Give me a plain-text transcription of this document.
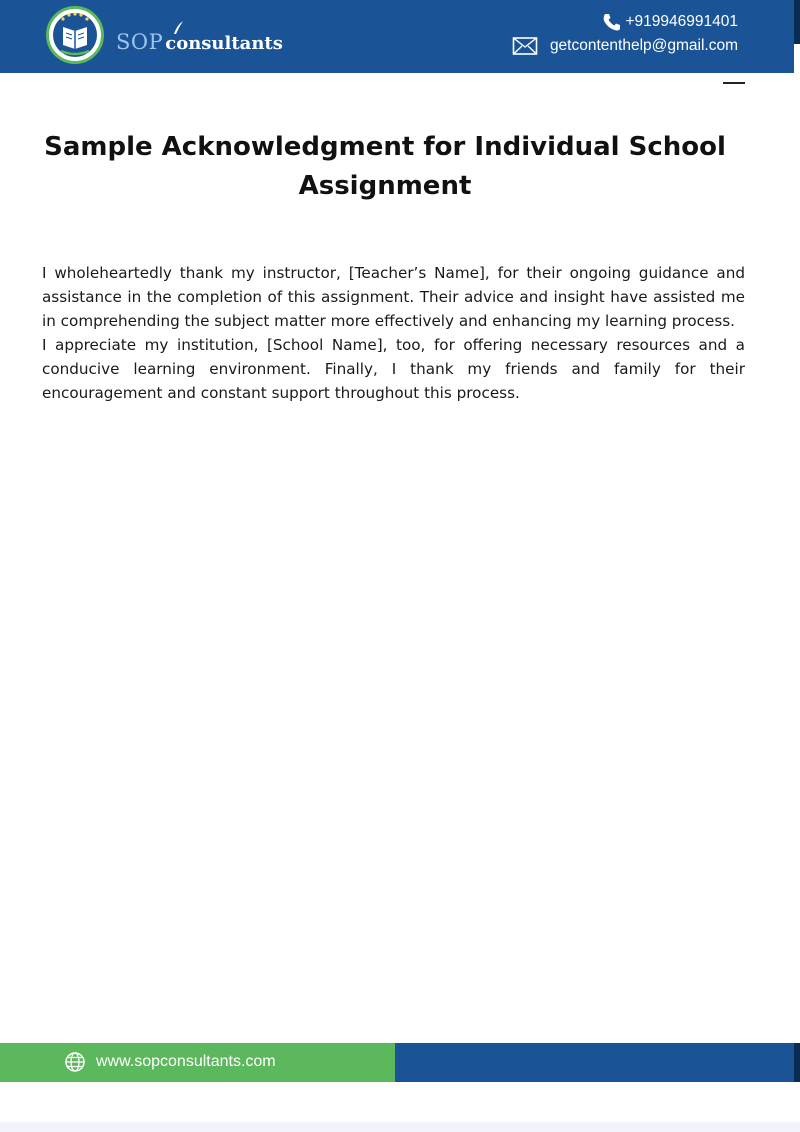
SOP consultants
+919946991401
getcontenthelp@gmail.com
Sample Acknowledgment for Individual School Assignment

I wholeheartedly thank my instructor, [Teacher’s Name], for their ongoing guidance and assistance in the completion of this assignment. Their advice and insight have assisted me in comprehending the subject matter more effectively and enhancing my learning process.

I appreciate my institution, [School Name], too, for offering necessary resources and a conducive learning environment. Finally, I thank my friends and family for their encouragement and constant support throughout this process.

www.sopconsultants.com
